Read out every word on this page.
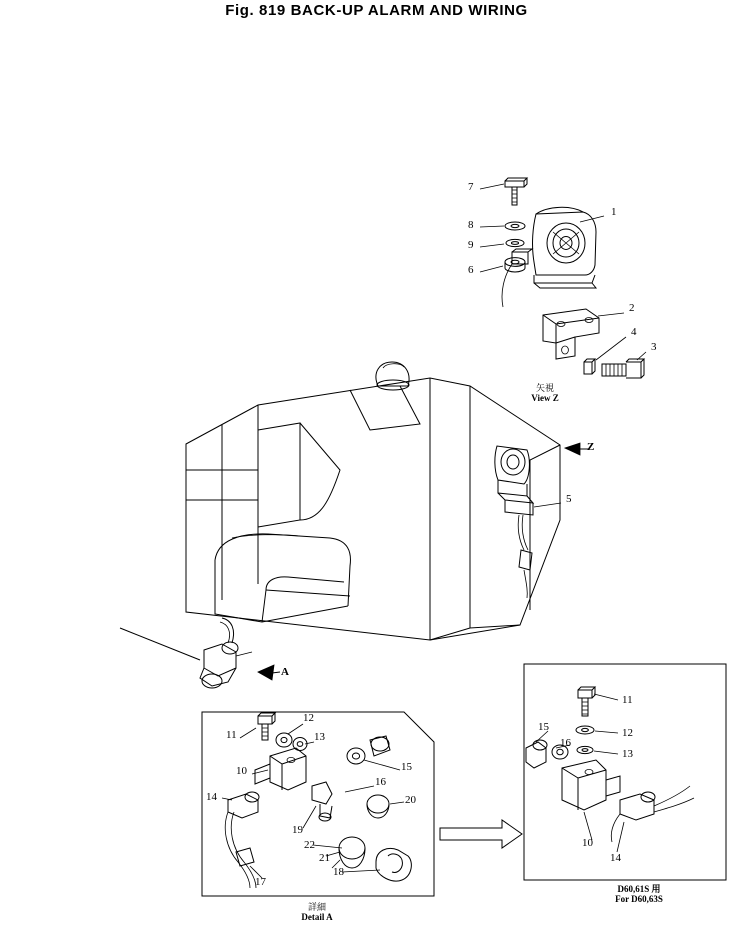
Fig. 819 BACK-UP ALARM AND WIRING
1
2
3
4
5
6
7
8
9
10
11
12
13
14
15
16
17
18
19
20
21
22
11
12
13
15
16
10
14
Z
A
矢視
View Z
詳細
Detail A
D60,61S 用
For D60,63S
